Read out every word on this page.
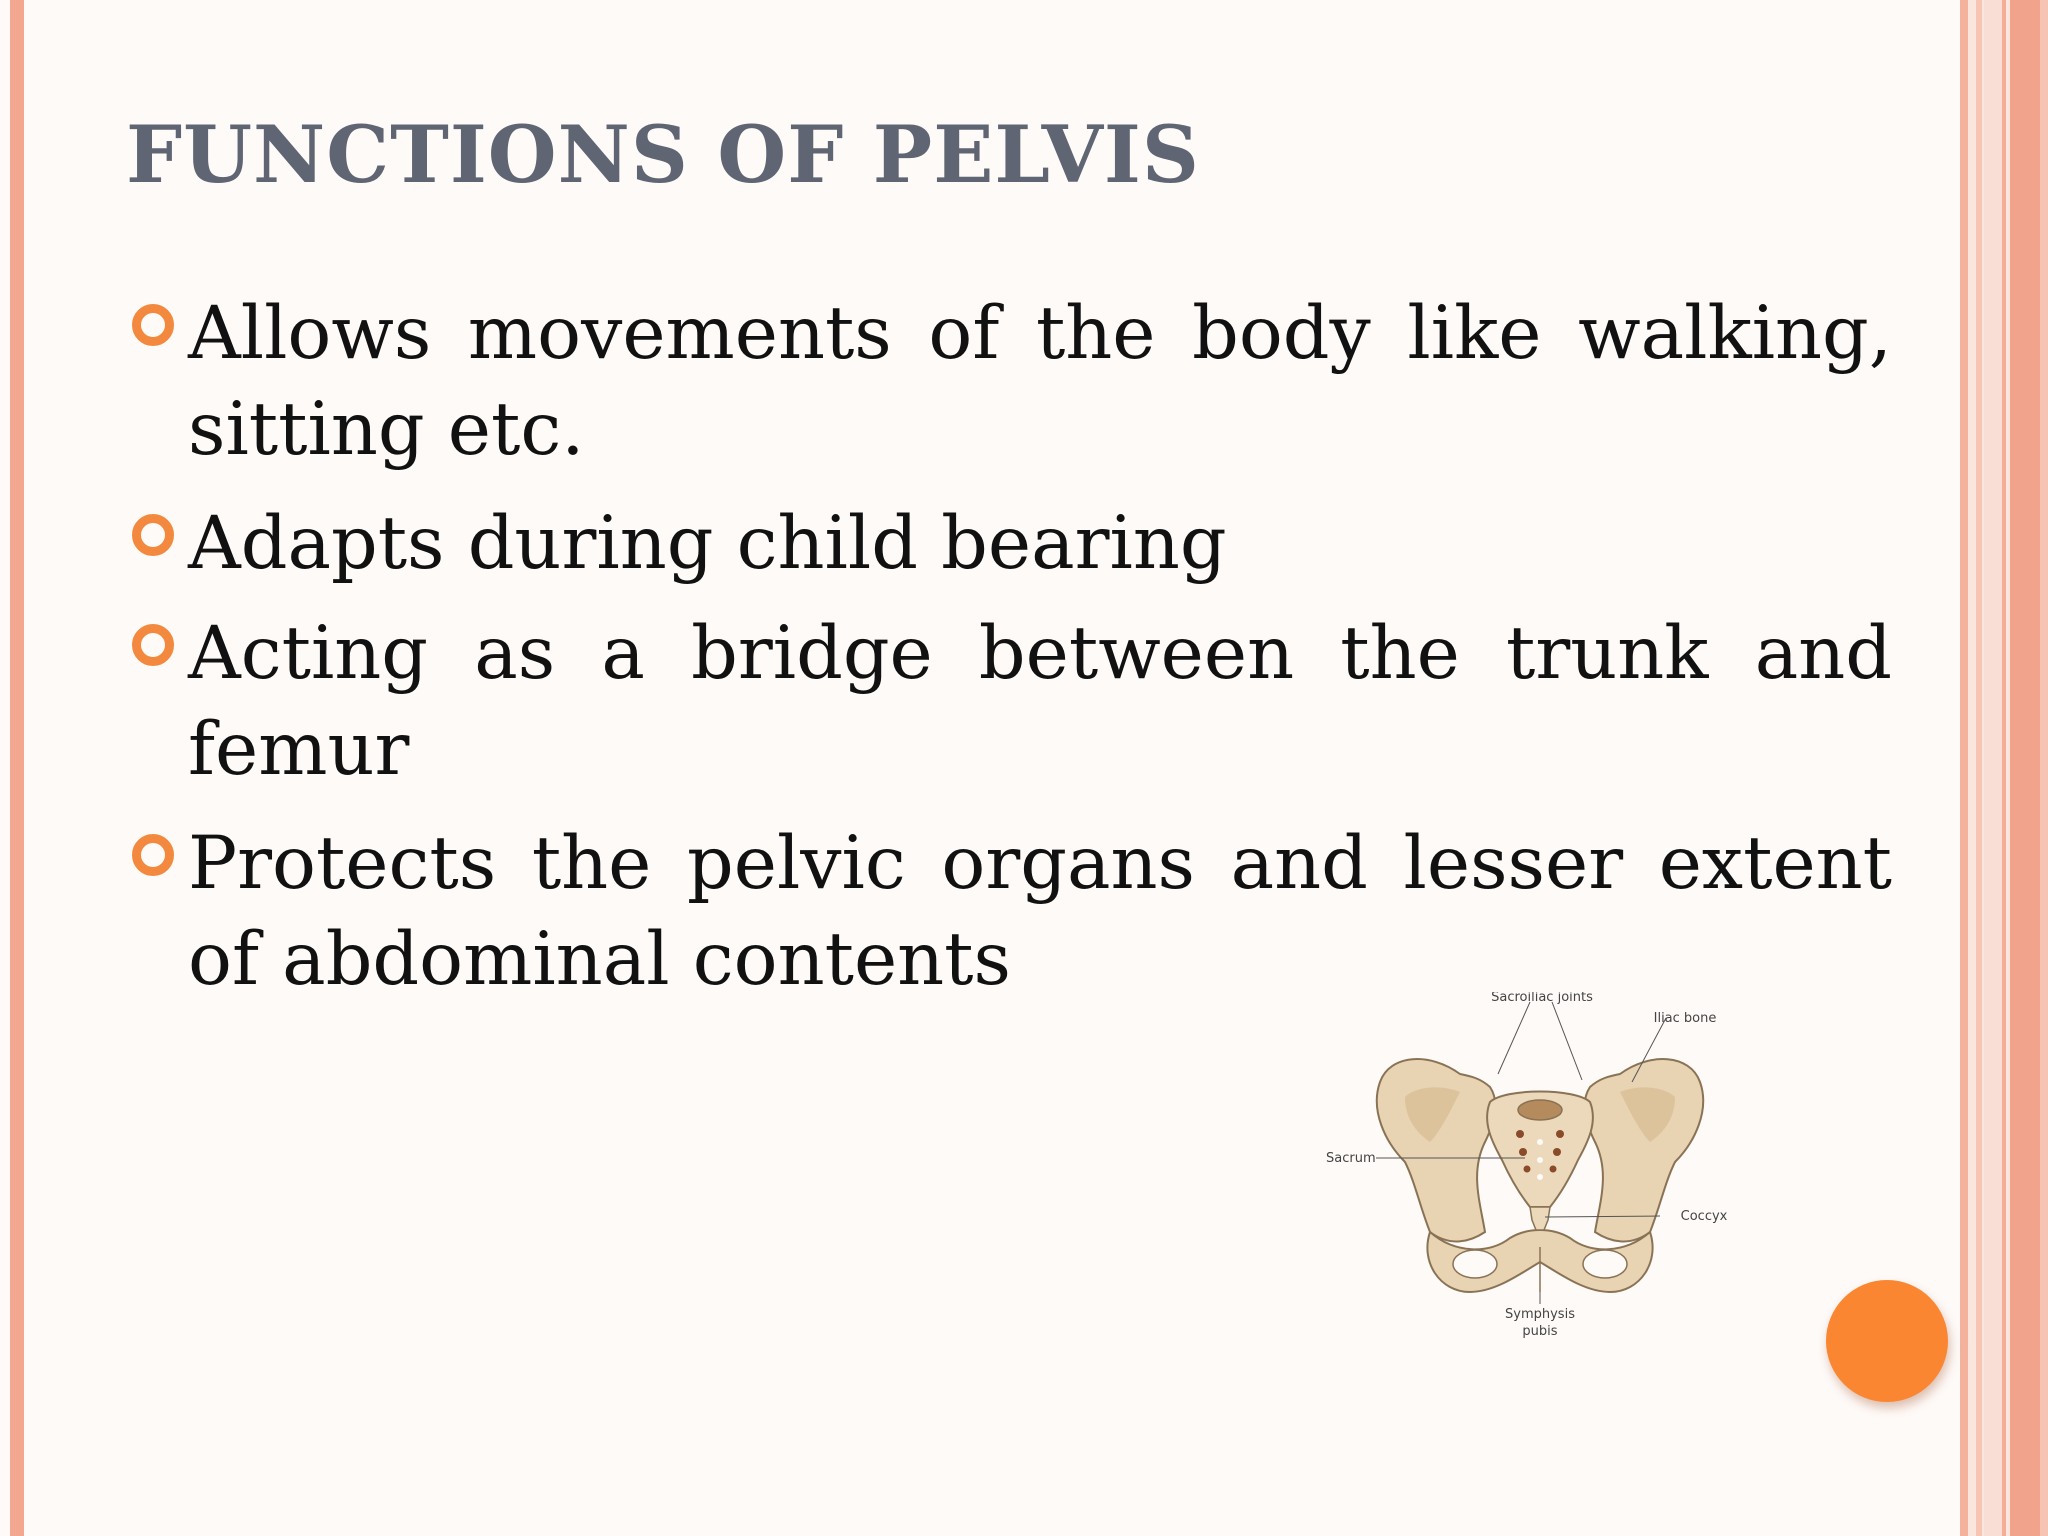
FUNCTIONS OF PELVIS
Allows movements of the body like walking, sitting etc.
Adapts during child bearing
Acting as a bridge between the trunk and femur
Protects the pelvic organs and lesser extent of abdominal contents	Sacroiliac joints
Iliac bone
Sacrum
Coccyx
Symphysis
pubis
